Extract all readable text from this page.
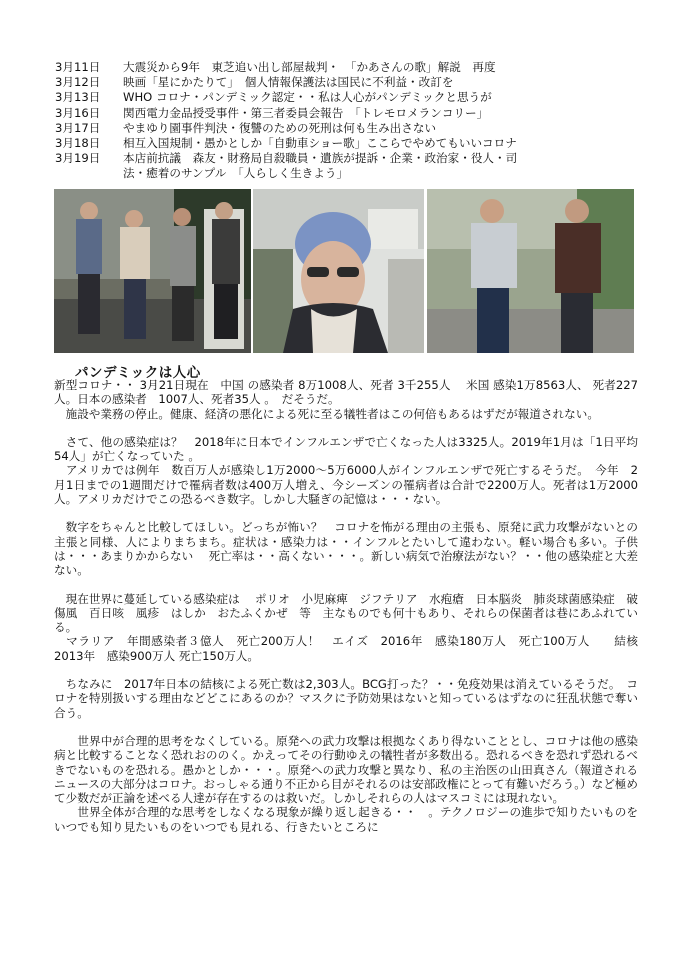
3月11日	大震災から9年　東芝追い出し部屋裁判・　「かあさんの歌」解説　再度
3月12日	映画「星にかたりて」　個人情報保護法は国民に不利益・改訂を
3月13日	WHO コロナ・パンデミック認定・・私は人心がパンデミックと思うが
3月16日	関西電力金品授受事件・第三者委員会報告　「トレモロメランコリー」
3月17日	やまゆり園事件判決・復讐のための死刑は何も生み出さない
3月18日	相互入国規制・愚かとしか「自動車ショー歌」ここらでやめてもいいコロナ
3月19日	本店前抗議　森友・財務局自殺職員・遺族が提訴・企業・政治家・役人・司
法・癒着のサンプル　「人らしく生きよう」
パンデミックは人心

新型コロナ・・ 3月21日現在　中国 の感染者 8万1008人、死者 3千255人　 米国 感染1万8563人、 死者227 人。日本の感染者　1007人、死者35人 。　だそうだ。

　施設や業務の停止。健康、経済の悪化による死に至る犠牲者はこの何倍もあるはずだが報道されない。

　さて、他の感染症は？　2018年に日本でインフルエンザで亡くなった人は3325人。2019年1月は「1日平均54人」が亡くなっていた 。

　アメリカでは例年　数百万人が感染し1万2000～5万6000人がインフルエンザで死亡するそうだ。　今年　2月1日までの1週間だけで罹病者数は400万人増え、今シーズンの罹病者は合計で2200万人。死者は1万2000人。アメリカだけでこの恐るべき数字。しかし大騒ぎの記憶は・・・ない。

　数字をちゃんと比較してほしい。どっちが怖い？　コロナを怖がる理由の主張も、原発に武力攻撃がないとの主張と同様、人によりまちまち。症状は・感染力は・・インフルとたいして違わない。軽い場合も多い。子供は・・・あまりかからない　 死亡率は・・高くない・・・。新しい病気で治療法がない？・・他の感染症と大差ない。

　現在世界に蔓延している感染症は　 ポリオ　小児麻痺　ジフテリア　水疱瘡　日本脳炎　肺炎球菌感染症　破傷風　百日咳　風疹　はしか　おたふくかぜ　等　主なものでも何十もあり、それらの保菌者は巷にあふれている。

　マラリア　年間感染者３億人　死亡200万人！　エイズ　2016年　感染180万人　死亡100万人　　結核　2013年　感染900万人 死亡150万人。

　ちなみに　2017年日本の結核による死亡数は2,303人。BCG打った？・・免疫効果は消えているそうだ。　コロナを特別扱いする理由などどこにあるのか？マスクに予防効果はないと知っているはずなのに狂乱状態で奪い合う。

　　世界中が合理的思考をなくしている。原発への武力攻撃は根拠なくあり得ないこととし、コロナは他の感染病と比較することなく恐れおののく。かえってその行動ゆえの犠牲者が多数出る。恐れるべきを恐れず恐れるべきでないものを恐れる。愚かとしか・・・。原発への武力攻撃と異なり、私の主治医の山田真さん（報道されるニュースの大部分はコロナ。おっしゃる通り不正から目がそれるのは安部政権にとって有難いだろう。）など極めて少数だが正論を述べる人達が存在するのは救いだ。しかしそれらの人はマスコミには現れない。

　　世界全体が合理的な思考をしなくなる現象が繰り返し起きる・・　。テクノロジーの進歩で知りたいものをいつでも知り見たいものをいつでも見れる、行きたいところに
